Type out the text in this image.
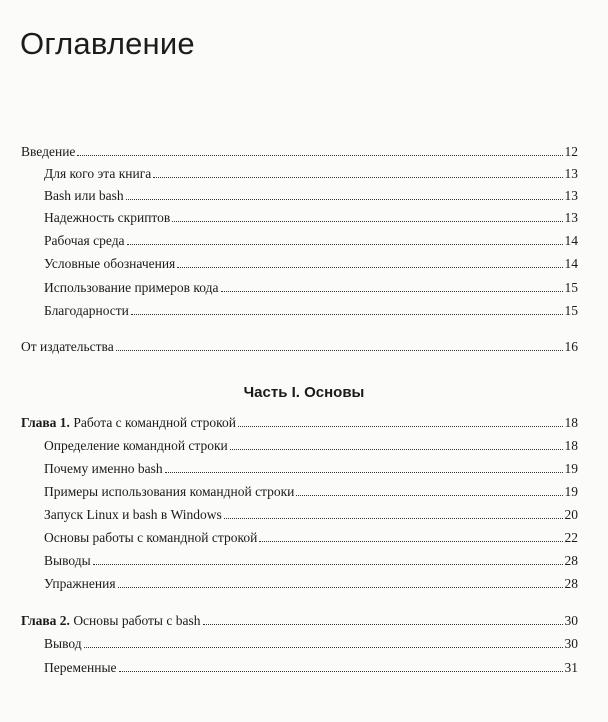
Оглавление
Введение	12
Для кого эта книга	13
Bash или bash	13
Надежность скриптов	13
Рабочая среда	14
Условные обозначения	14
Использование примеров кода	15
Благодарности	15
От издательства	16
Часть I. Основы
Глава 1. Работа с командной строкой	18
Определение командной строки	18
Почему именно bash	19
Примеры использования командной строки	19
Запуск Linux и bash в Windows	20
Основы работы с командной строкой	22
Выводы	28
Упражнения	28
Глава 2. Основы работы с bash	30
Вывод	30
Переменные	31
